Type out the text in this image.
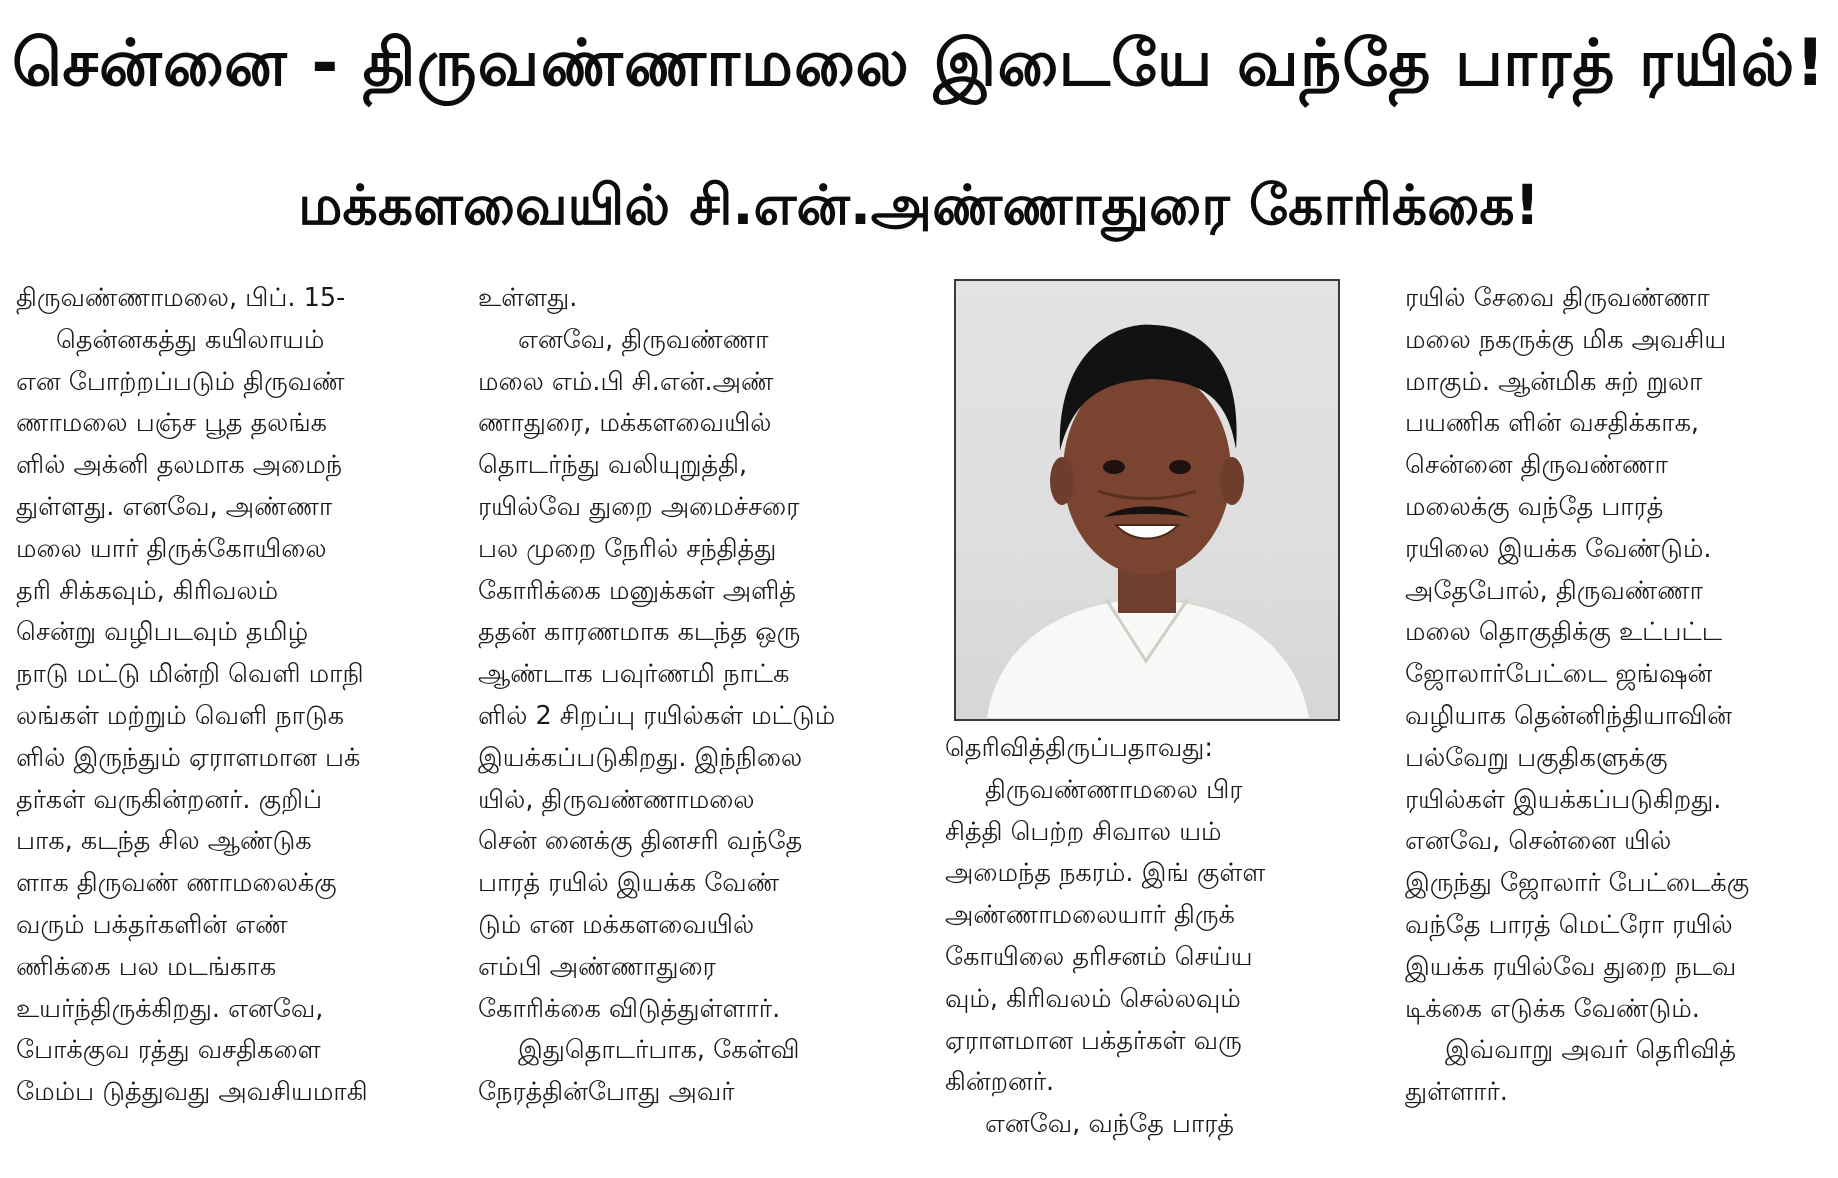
சென்னை - திருவண்ணாமலை இடையே வந்தே பாரத் ரயில்!
மக்களவையில் சி.என்.அண்ணாதுரை கோரிக்கை!

திருவண்ணாமலை, பிப். 15-
தென்னகத்து கயிலாயம்
என போற்றப்படும் திருவண்
ணாமலை பஞ்ச பூத தலங்க
ளில் அக்னி தலமாக அமைந்
துள்ளது. எனவே, அண்ணா
மலை யார் திருக்கோயிலை
தரி சிக்கவும், கிரிவலம்
சென்று வழிபடவும் தமிழ்
நாடு மட்டு மின்றி வெளி மாநி
லங்கள் மற்றும் வெளி நாடுக
ளில் இருந்தும் ஏராளமான பக்
தர்கள் வருகின்றனர். குறிப்
பாக, கடந்த சில ஆண்டுக
ளாக திருவண் ணாமலைக்கு
வரும் பக்தர்களின் எண்
ணிக்கை பல மடங்காக
உயர்ந்திருக்கிறது. எனவே,
போக்குவ ரத்து வசதிகளை
மேம்ப டுத்துவது அவசியமாகி

உள்ளது.
எனவே, திருவண்ணா
மலை எம்.பி சி.என்.அண்
ணாதுரை, மக்களவையில்
தொடர்ந்து வலியுறுத்தி,
ரயில்வே துறை அமைச்சரை
பல முறை நேரில் சந்தித்து
கோரிக்கை மனுக்கள் அளித்
ததன் காரணமாக கடந்த ஒரு
ஆண்டாக பவுர்ணமி நாட்க
ளில் 2 சிறப்பு ரயில்கள் மட்டும்
இயக்கப்படுகிறது. இந்நிலை
யில், திருவண்ணாமலை
சென் னைக்கு தினசரி வந்தே
பாரத் ரயில் இயக்க வேண்
டும் என மக்களவையில்
எம்பி அண்ணாதுரை
கோரிக்கை விடுத்துள்ளார்.
இதுதொடர்பாக, கேள்வி
நேரத்தின்போது அவர்

தெரிவித்திருப்பதாவது:
திருவண்ணாமலை பிர
சித்தி பெற்ற சிவால யம்
அமைந்த நகரம். இங் குள்ள
அண்ணாமலையார் திருக்
கோயிலை தரிசனம் செய்ய
வும், கிரிவலம் செல்லவும்
ஏராளமான பக்தர்கள் வரு
கின்றனர்.
எனவே, வந்தே பாரத்

ரயில் சேவை திருவண்ணா
மலை நகருக்கு மிக அவசிய
மாகும். ஆன்மிக சுற் றுலா
பயணிக ளின் வசதிக்காக,
சென்னை திருவண்ணா
மலைக்கு வந்தே பாரத்
ரயிலை இயக்க வேண்டும்.
அதேபோல், திருவண்ணா
மலை தொகுதிக்கு உட்பட்ட
ஜோலார்பேட்டை ஜங்ஷன்
வழியாக தென்னிந்தியாவின்
பல்வேறு பகுதிகளுக்கு
ரயில்கள் இயக்கப்படுகிறது.
எனவே, சென்னை யில்
இருந்து ஜோலார் பேட்டைக்கு
வந்தே பாரத் மெட்ரோ ரயில்
இயக்க ரயில்வே துறை நடவ
டிக்கை எடுக்க வேண்டும்.
இவ்வாறு அவர் தெரிவித்
துள்ளார்.
